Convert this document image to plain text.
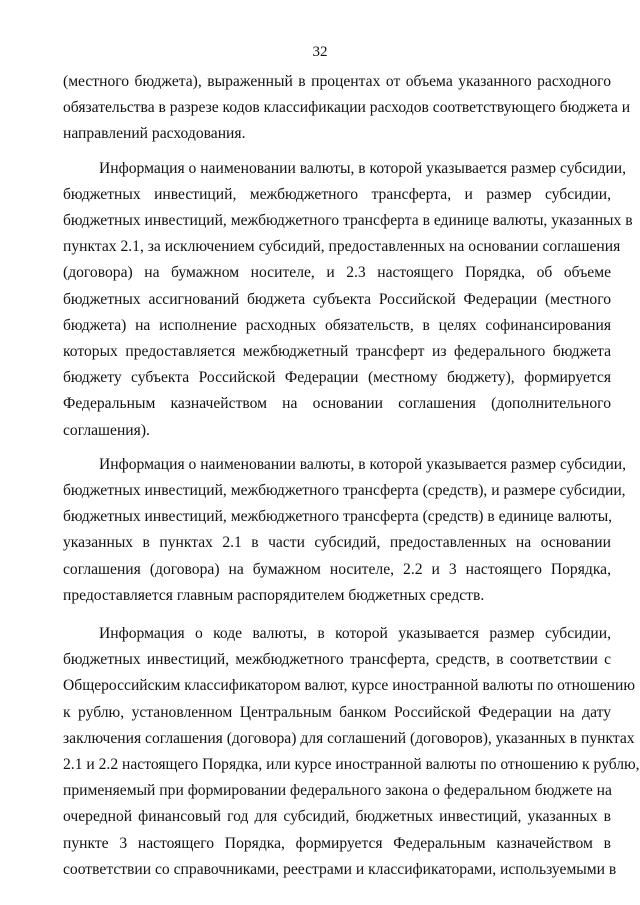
32

(местного бюджета), выраженный в процентах от объема указанного расходного
обязательства в разрезе кодов классификации расходов соответствующего бюджета и
направлений расходования.

Информация о наименовании валюты, в которой указывается размер субсидии,
бюджетных инвестиций, межбюджетного трансферта, и размер субсидии,
бюджетных инвестиций, межбюджетного трансферта в единице валюты, указанных в
пунктах 2.1, за исключением субсидий, предоставленных на основании соглашения
(договора) на бумажном носителе, и 2.3 настоящего Порядка, об объеме
бюджетных ассигнований бюджета субъекта Российской Федерации (местного
бюджета) на исполнение расходных обязательств, в целях софинансирования
которых предоставляется межбюджетный трансферт из федерального бюджета
бюджету субъекта Российской Федерации (местному бюджету), формируется
Федеральным казначейством на основании соглашения (дополнительного
соглашения).

Информация о наименовании валюты, в которой указывается размер субсидии,
бюджетных инвестиций, межбюджетного трансферта (средств), и размере субсидии,
бюджетных инвестиций, межбюджетного трансферта (средств) в единице валюты,
указанных в пунктах 2.1 в части субсидий, предоставленных на основании
соглашения (договора) на бумажном носителе, 2.2 и 3 настоящего Порядка,
предоставляется главным распорядителем бюджетных средств.

Информация о коде валюты, в которой указывается размер субсидии,
бюджетных инвестиций, межбюджетного трансферта, средств, в соответствии с
Общероссийским классификатором валют, курсе иностранной валюты по отношению
к рублю, установленном Центральным банком Российской Федерации на дату
заключения соглашения (договора) для соглашений (договоров), указанных в пунктах
2.1 и 2.2 настоящего Порядка, или курсе иностранной валюты по отношению к рублю,
применяемый при формировании федерального закона о федеральном бюджете на
очередной финансовый год для субсидий, бюджетных инвестиций, указанных в
пункте 3 настоящего Порядка, формируется Федеральным казначейством в
соответствии со справочниками, реестрами и классификаторами, используемыми в
